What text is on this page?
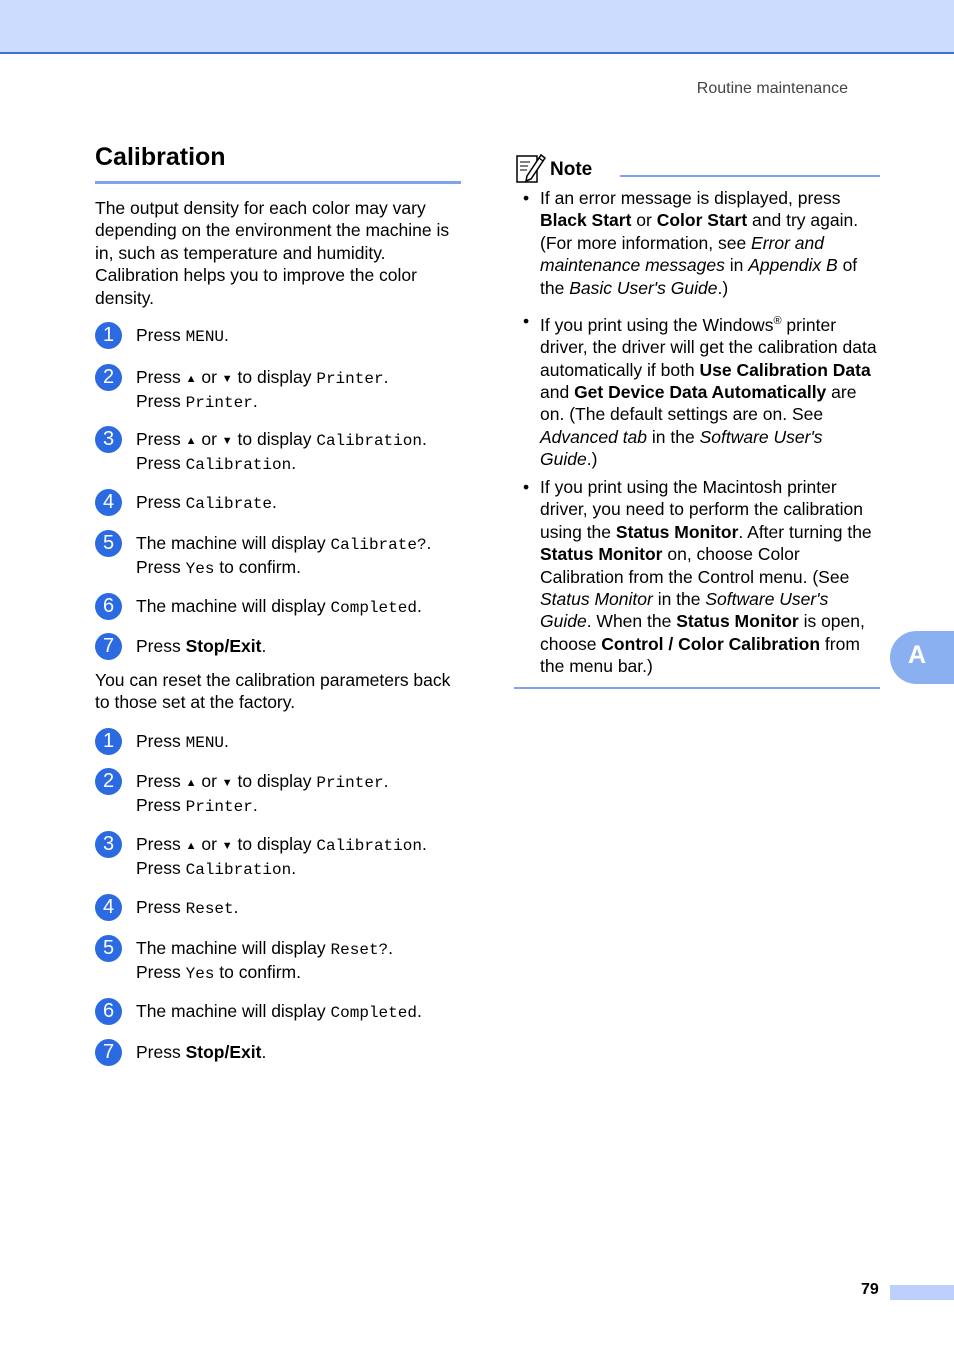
Routine maintenance
Calibration
The output density for each color may vary depending on the environment the machine is in, such as temperature and humidity. Calibration helps you to improve the color density.
1	Press MENU.
2	Press ▲ or ▼ to display Printer.
Press Printer.
3	Press ▲ or ▼ to display Calibration.
Press Calibration.
4	Press Calibrate.
5	The machine will display Calibrate?.
Press Yes to confirm.
6	The machine will display Completed.
7	Press Stop/Exit.
You can reset the calibration parameters back to those set at the factory.
1	Press MENU.
2	Press ▲ or ▼ to display Printer.
Press Printer.
3	Press ▲ or ▼ to display Calibration.
Press Calibration.
4	Press Reset.
5	The machine will display Reset?.
Press Yes to confirm.
6	The machine will display Completed.
7	Press Stop/Exit.
Note
• If an error message is displayed, press Black Start or Color Start and try again. (For more information, see Error and maintenance messages in Appendix B of the Basic User's Guide.)
• If you print using the Windows® printer driver, the driver will get the calibration data automatically if both Use Calibration Data and Get Device Data Automatically are on. (The default settings are on. See Advanced tab in the Software User's Guide.)
• If you print using the Macintosh printer driver, you need to perform the calibration using the Status Monitor. After turning the Status Monitor on, choose Color Calibration from the Control menu. (See Status Monitor in the Software User's Guide. When the Status Monitor is open, choose Control / Color Calibration from the menu bar.)	A
79
